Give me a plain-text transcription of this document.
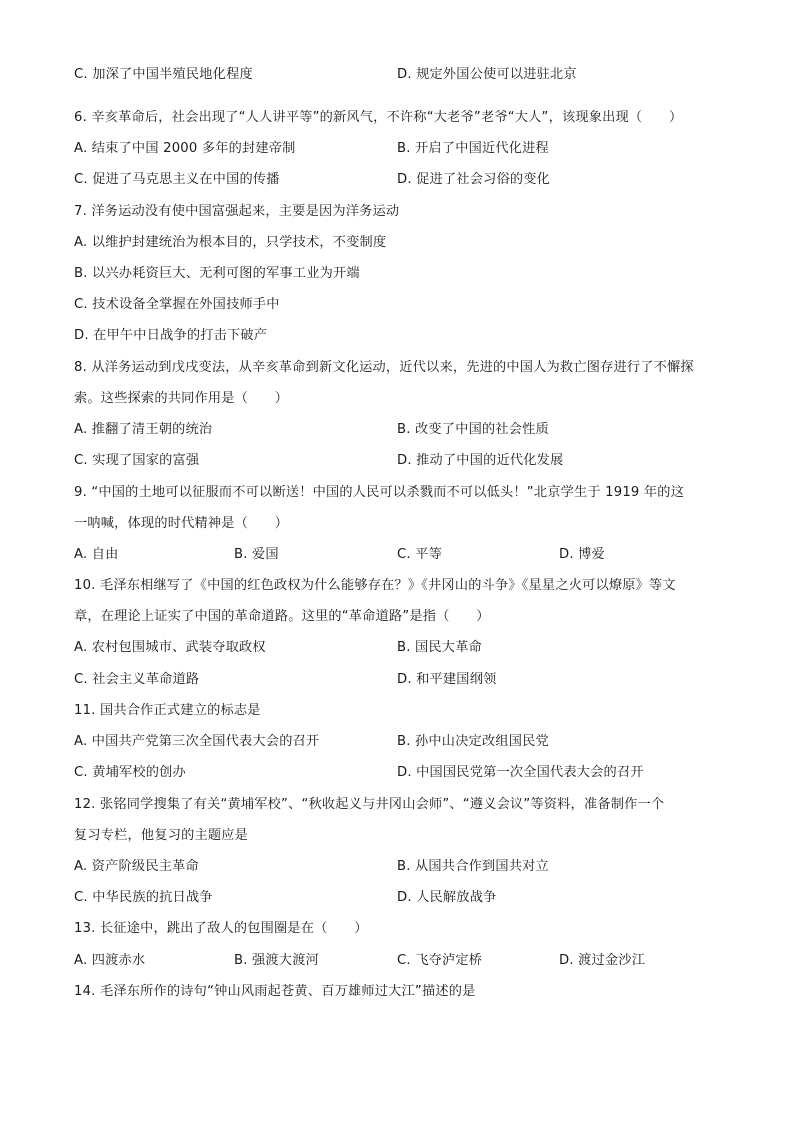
C. 加深了中国半殖民地化程度	D. 规定外国公使可以进驻北京
6. 辛亥革命后，社会出现了“人人讲平等”的新风气，不许称“大老爷”老爷“大人”，该现象出现（　　）
A. 结束了中国 2000 多年的封建帝制	B. 开启了中国近代化进程
C. 促进了马克思主义在中国的传播	D. 促进了社会习俗的变化
7. 洋务运动没有使中国富强起来，主要是因为洋务运动
A. 以维护封建统治为根本目的，只学技术，不变制度
B. 以兴办耗资巨大、无利可图的军事工业为开端
C. 技术设备全掌握在外国技师手中
D. 在甲午中日战争的打击下破产
8. 从洋务运动到戊戌变法，从辛亥革命到新文化运动，近代以来，先进的中国人为救亡图存进行了不懈探
索。这些探索的共同作用是（　　）
A. 推翻了清王朝的统治	B. 改变了中国的社会性质
C. 实现了国家的富强	D. 推动了中国的近代化发展
9. “中国的土地可以征服而不可以断送！中国的人民可以杀戮而不可以低头！”北京学生于 1919 年的这
一呐喊，体现的时代精神是（　　）
A. 自由	B. 爱国	C. 平等	D. 博爱
10. 毛泽东相继写了《中国的红色政权为什么能够存在？》《井冈山的斗争》《星星之火可以燎原》等文
章，在理论上证实了中国的革命道路。这里的“革命道路”是指（　　）
A. 农村包围城市、武装夺取政权	B. 国民大革命
C. 社会主义革命道路	D. 和平建国纲领
11. 国共合作正式建立的标志是
A. 中国共产党第三次全国代表大会的召开	B. 孙中山决定改组国民党
C. 黄埔军校的创办	D. 中国国民党第一次全国代表大会的召开
12. 张铭同学搜集了有关“黄埔军校”、“秋收起义与井冈山会师”、“遵义会议”等资料，准备制作一个
复习专栏，他复习的主题应是
A. 资产阶级民主革命	B. 从国共合作到国共对立
C. 中华民族的抗日战争	D. 人民解放战争
13. 长征途中，跳出了敌人的包围圈是在（　　）
A. 四渡赤水	B. 强渡大渡河	C. 飞夺泸定桥	D. 渡过金沙江
14. 毛泽东所作的诗句“钟山风雨起苍黄、百万雄师过大江”描述的是
